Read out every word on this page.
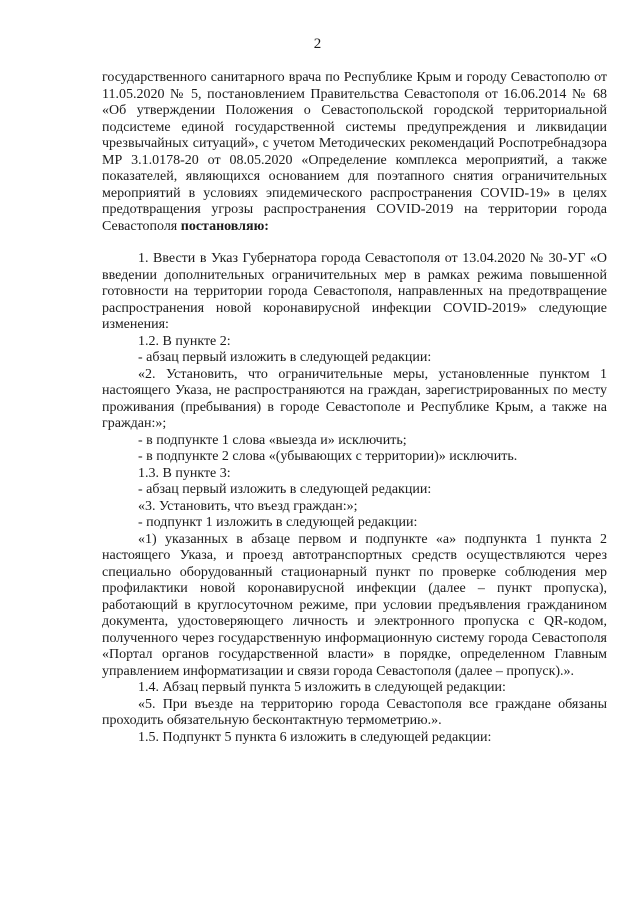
2

государственного санитарного врача по Республике Крым и городу Севастополю от 11.05.2020 № 5, постановлением Правительства Севастополя от 16.06.2014 № 68 «Об утверждении Положения о Севастопольской городской территориальной подсистеме единой государственной системы предупреждения и ликвидации чрезвычайных ситуаций», с учетом Методических рекомендаций Роспотребнадзора МР 3.1.0178-20 от 08.05.2020 «Определение комплекса мероприятий, а также показателей, являющихся основанием для поэтапного снятия ограничительных мероприятий в условиях эпидемического распространения COVID-19» в целях предотвращения угрозы распространения COVID-2019 на территории города Севастополя постановляю:

1. Ввести в Указ Губернатора города Севастополя от 13.04.2020 № 30-УГ «О введении дополнительных ограничительных мер в рамках режима повышенной готовности на территории города Севастополя, направленных на предотвращение распространения новой коронавирусной инфекции COVID-2019» следующие изменения:

1.2. В пункте 2:

- абзац первый изложить в следующей редакции:

«2. Установить, что ограничительные меры, установленные пунктом 1 настоящего Указа, не распространяются на граждан, зарегистрированных по месту проживания (пребывания) в городе Севастополе и Республике Крым, а также на граждан:»;

- в подпункте 1 слова «выезда и» исключить;

- в подпункте 2 слова «(убывающих с территории)» исключить.

1.3. В пункте 3:

- абзац первый изложить в следующей редакции:

«3. Установить, что въезд граждан:»;

- подпункт 1 изложить в следующей редакции:

«1) указанных в абзаце первом и подпункте «а» подпункта 1 пункта 2 настоящего Указа, и проезд автотранспортных средств осуществляются через специально оборудованный стационарный пункт по проверке соблюдения мер профилактики новой коронавирусной инфекции (далее – пункт пропуска), работающий в круглосуточном режиме, при условии предъявления гражданином документа, удостоверяющего личность и электронного пропуска с QR-кодом, полученного через государственную информационную систему города Севастополя «Портал органов государственной власти» в порядке, определенном Главным управлением информатизации и связи города Севастополя (далее – пропуск).».

1.4. Абзац первый пункта 5 изложить в следующей редакции:

«5. При въезде на территорию города Севастополя все граждане обязаны проходить обязательную бесконтактную термометрию.».

1.5. Подпункт 5 пункта 6 изложить в следующей редакции:
